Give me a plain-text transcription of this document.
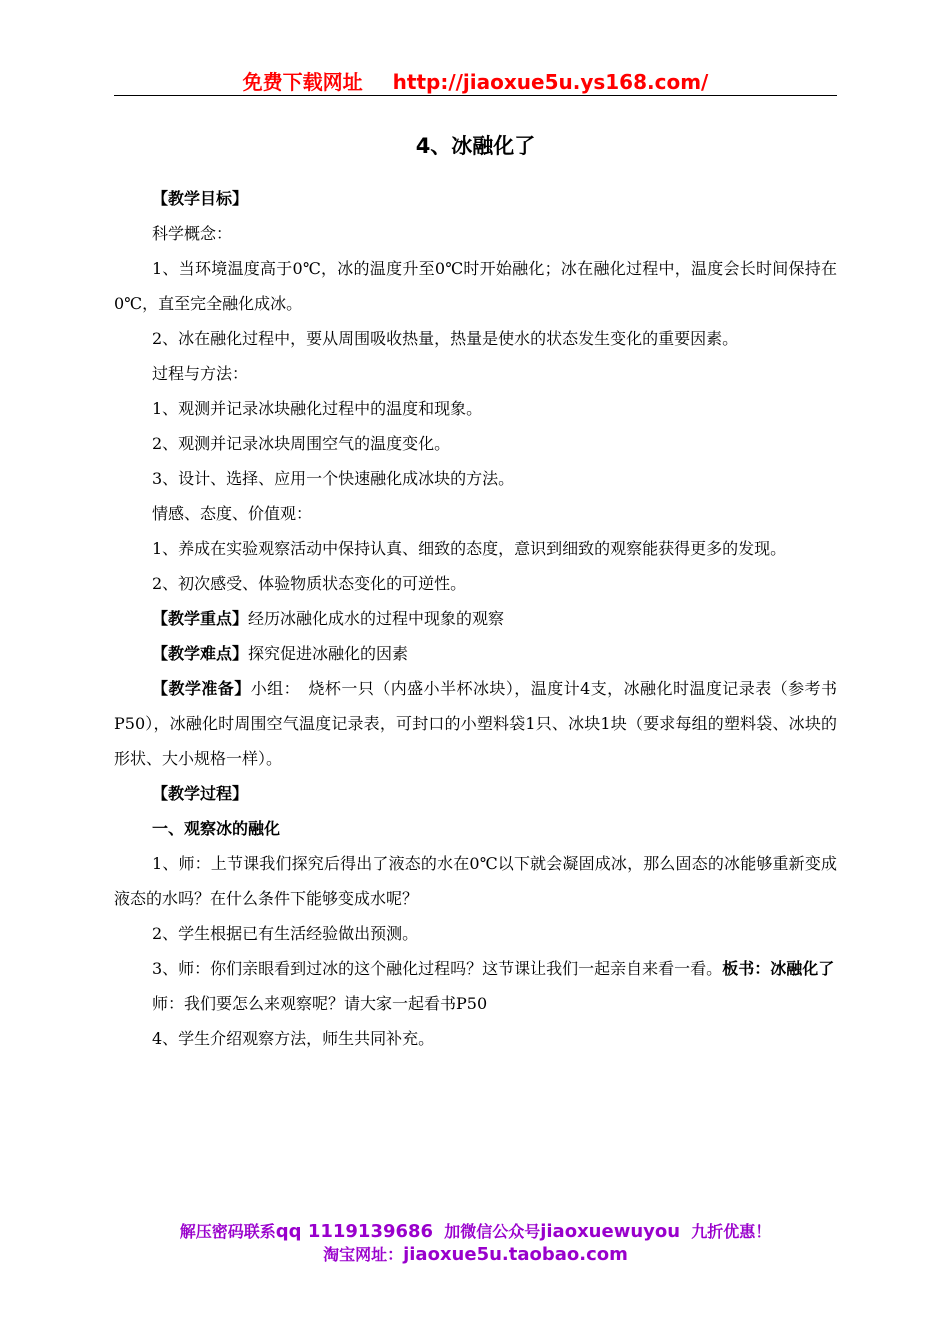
免费下载网址 http://jiaoxue5u.ys168.com/
4、冰融化了

【教学目标】

科学概念：

1、当环境温度高于0℃，冰的温度升至0℃时开始融化；冰在融化过程中，温度会长时间保持在0℃，直至完全融化成冰。

2、冰在融化过程中，要从周围吸收热量，热量是使水的状态发生变化的重要因素。

过程与方法：

1、观测并记录冰块融化过程中的温度和现象。

2、观测并记录冰块周围空气的温度变化。

3、设计、选择、应用一个快速融化成冰块的方法。

情感、态度、价值观：

1、养成在实验观察活动中保持认真、细致的态度，意识到细致的观察能获得更多的发现。

2、初次感受、体验物质状态变化的可逆性。

【教学重点】经历冰融化成水的过程中现象的观察

【教学难点】探究促进冰融化的因素

【教学准备】小组：　烧杯一只（内盛小半杯冰块），温度计4支，冰融化时温度记录表（参考书P50），冰融化时周围空气温度记录表，可封口的小塑料袋1只、冰块1块（要求每组的塑料袋、冰块的形状、大小规格一样）。

【教学过程】

一、观察冰的融化

1、师：上节课我们探究后得出了液态的水在0℃以下就会凝固成冰，那么固态的冰能够重新变成液态的水吗？在什么条件下能够变成水呢？

2、学生根据已有生活经验做出预测。

3、师：你们亲眼看到过冰的这个融化过程吗？这节课让我们一起亲自来看一看。板书：冰融化了

师：我们要怎么来观察呢？请大家一起看书P50

4、学生介绍观察方法，师生共同补充。

解压密码联系qq 1119139686 加微信公众号jiaoxuewuyou 九折优惠！
淘宝网址：jiaoxue5u.taobao.com
